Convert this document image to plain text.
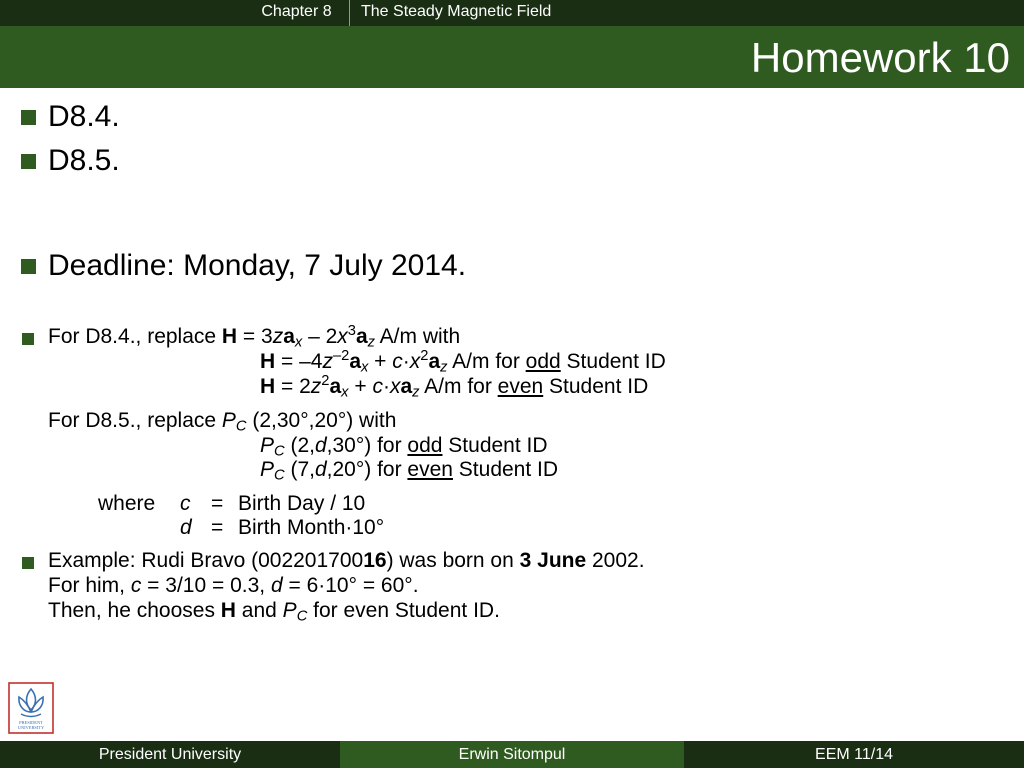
Chapter 8	The Steady Magnetic Field
Homework 10
D8.4.
D8.5.
Deadline: Monday, 7 July 2014.
For D8.4., replace $H = 3za_x - 2x^3a_z$ A/m with
$H = -4z^{-2}a_x + c\cdot x^2a_z$ A/m for odd Student ID
$H = 2z^2a_x + c\cdot xa_z$ A/m for even Student ID
For D8.5., replace $P_C$ (2,30°,20°) with
$P_C$ (2,d,30°) for odd Student ID
$P_C$ (7,d,20°) for even Student ID
where c = Birth Day / 10
d = Birth Month·10°
Example: Rudi Bravo (00220170016) was born on 3 June 2002.
For him, c = 3/10 = 0.3, d = 6·10° = 60°.
Then, he chooses H and $P_C$ for even Student ID.
PRESIDENT
UNIVERSITY
President University	Erwin Sitompul	EEM 11/14
